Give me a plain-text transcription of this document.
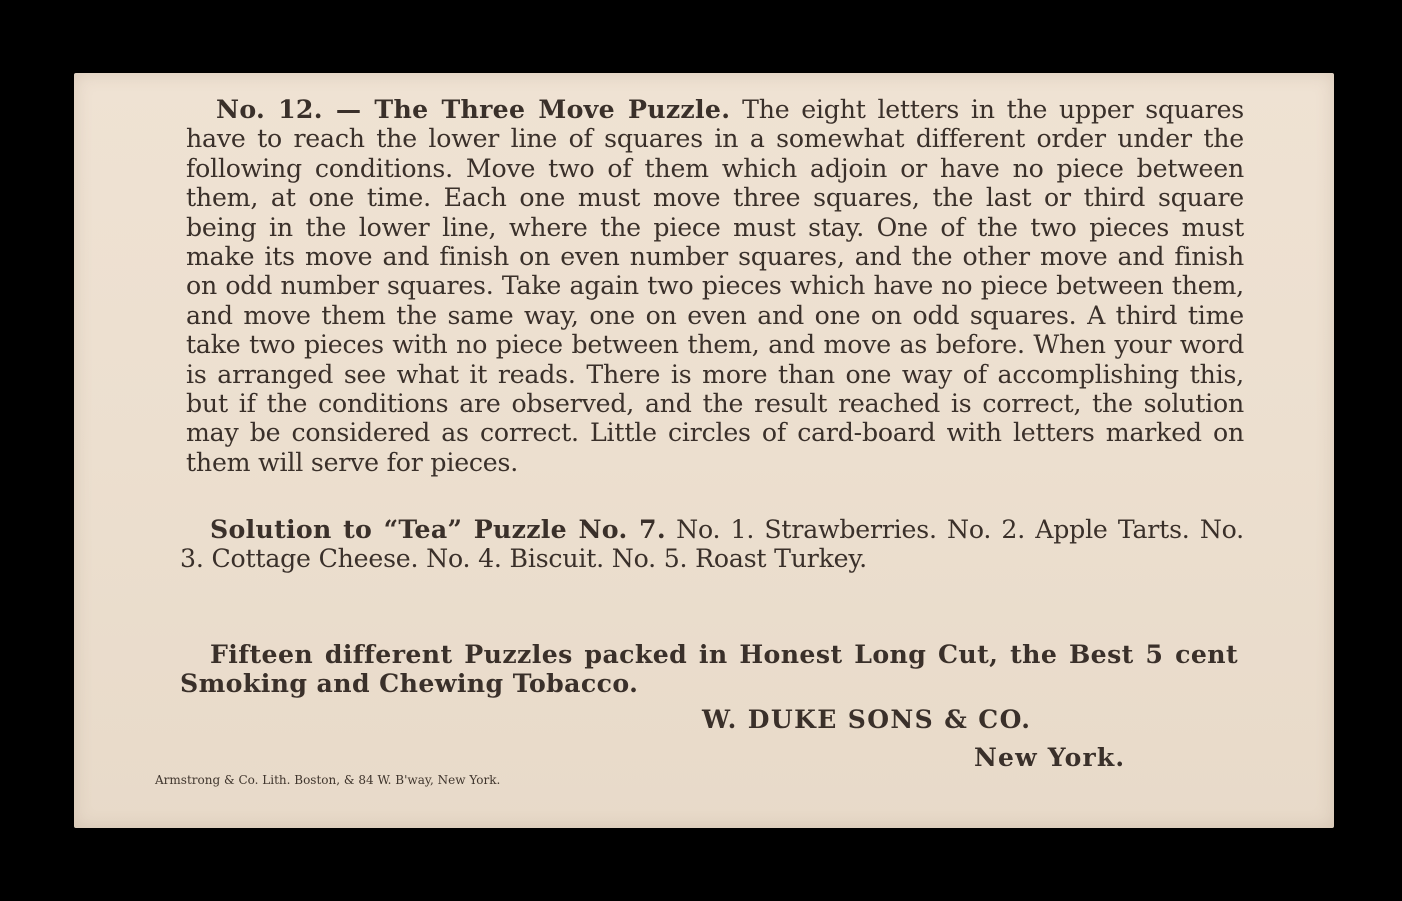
No. 12. — The Three Move Puzzle. The eight letters in the upper squares have to reach the lower line of squares in a somewhat different order under the following conditions. Move two of them which adjoin or have no piece between them, at one time. Each one must move three squares, the last or third square being in the lower line, where the piece must stay. One of the two pieces must make its move and finish on even number squares, and the other move and finish on odd number squares. Take again two pieces which have no piece between them, and move them the same way, one on even and one on odd squares. A third time take two pieces with no piece between them, and move as before. When your word is arranged see what it reads. There is more than one way of accomplishing this, but if the conditions are observed, and the result reached is correct, the solution may be considered as correct. Little circles of card-board with letters marked on them will serve for pieces.

Solution to “Tea” Puzzle No. 7. No. 1. Strawberries. No. 2. Apple Tarts. No. 3. Cottage Cheese. No. 4. Biscuit. No. 5. Roast Turkey.

Fifteen different Puzzles packed in Honest Long Cut, the Best 5 cent Smoking and Chewing Tobacco.

W. DUKE SONS & CO.
New York.
Armstrong & Co. Lith. Boston, & 84 W. B'way, New York.
